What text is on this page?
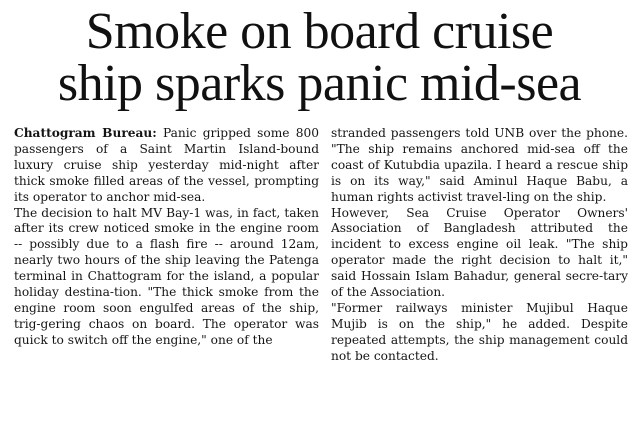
Smoke on board cruise
ship sparks panic mid-sea

Chattogram Bureau: Panic gripped some 800 passengers of a Saint Martin Island-bound luxury cruise ship yesterday mid-night after thick smoke filled areas of the vessel, prompting its operator to anchor mid-sea.

The decision to halt MV Bay-1 was, in fact, taken after its crew noticed smoke in the engine room -- possibly due to a flash fire -- around 12am, nearly two hours of the ship leaving the Patenga terminal in Chattogram for the island, a popular holiday destina-tion. "The thick smoke from the engine room soon engulfed areas of the ship, trig-gering chaos on board. The operator was quick to switch off the engine," one of the

stranded passengers told UNB over the phone. "The ship remains anchored mid-sea off the coast of Kutubdia upazila. I heard a rescue ship is on its way," said Aminul Haque Babu, a human rights activist travel-ling on the ship.

However, Sea Cruise Operator Owners' Association of Bangladesh attributed the incident to excess engine oil leak. "The ship operator made the right decision to halt it," said Hossain Islam Bahadur, general secre-tary of the Association.

"Former railways minister Mujibul Haque Mujib is on the ship," he added. Despite repeated attempts, the ship management could not be contacted.
